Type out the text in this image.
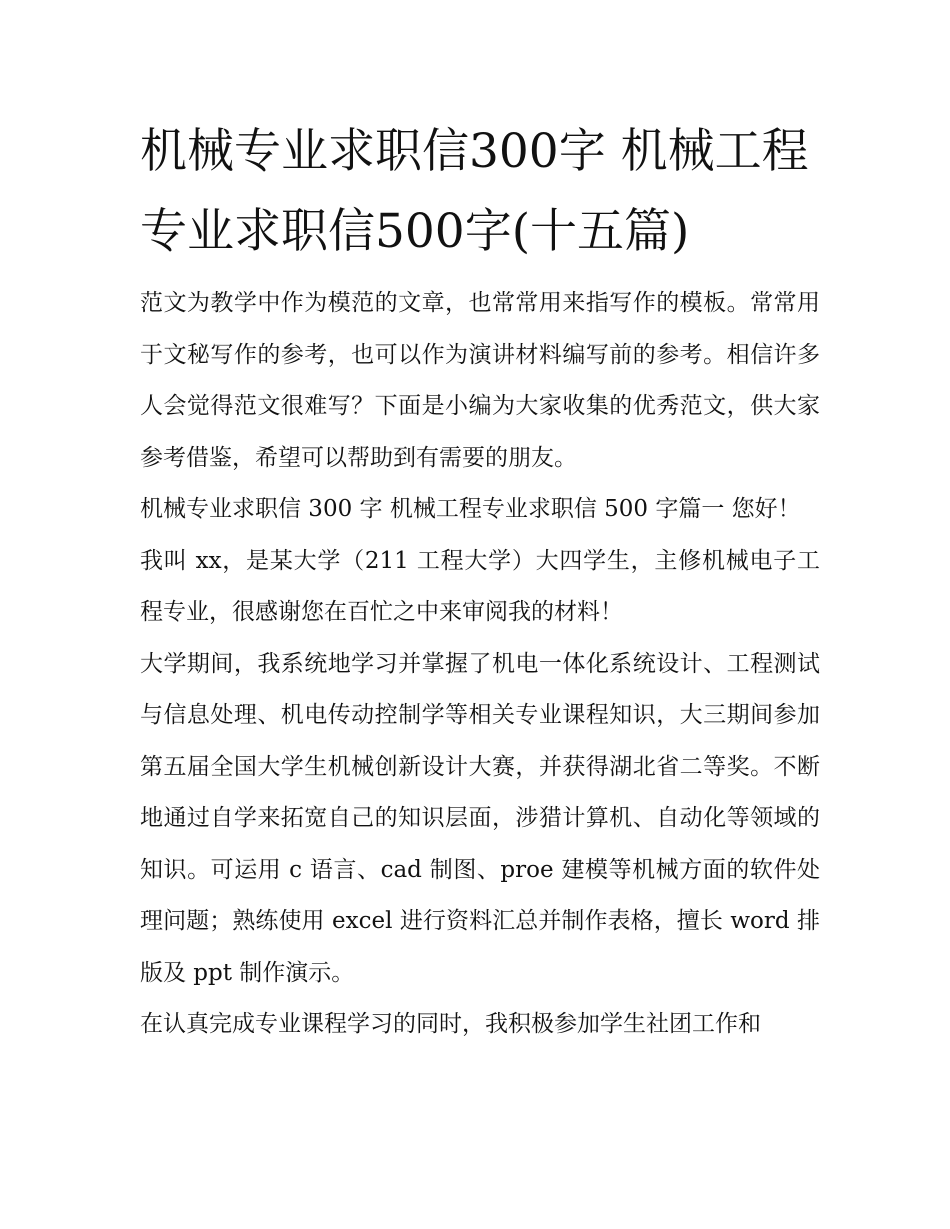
机械专业求职信300字 机械工程专业求职信500字(十五篇)

范文为教学中作为模范的文章，也常常用来指写作的模板。常常用于文秘写作的参考，也可以作为演讲材料编写前的参考。相信许多人会觉得范文很难写？下面是小编为大家收集的优秀范文，供大家参考借鉴，希望可以帮助到有需要的朋友。

机械专业求职信 300 字 机械工程专业求职信 500 字篇一 您好！

我叫 xx，是某大学（211 工程大学）大四学生，主修机械电子工程专业，很感谢您在百忙之中来审阅我的材料！

大学期间，我系统地学习并掌握了机电一体化系统设计、工程测试与信息处理、机电传动控制学等相关专业课程知识，大三期间参加第五届全国大学生机械创新设计大赛，并获得湖北省二等奖。不断地通过自学来拓宽自己的知识层面，涉猎计算机、自动化等领域的知识。可运用 c 语言、cad 制图、proe 建模等机械方面的软件处理问题；熟练使用 excel 进行资料汇总并制作表格，擅长 word 排版及 ppt 制作演示。

在认真完成专业课程学习的同时，我积极参加学生社团工作和
